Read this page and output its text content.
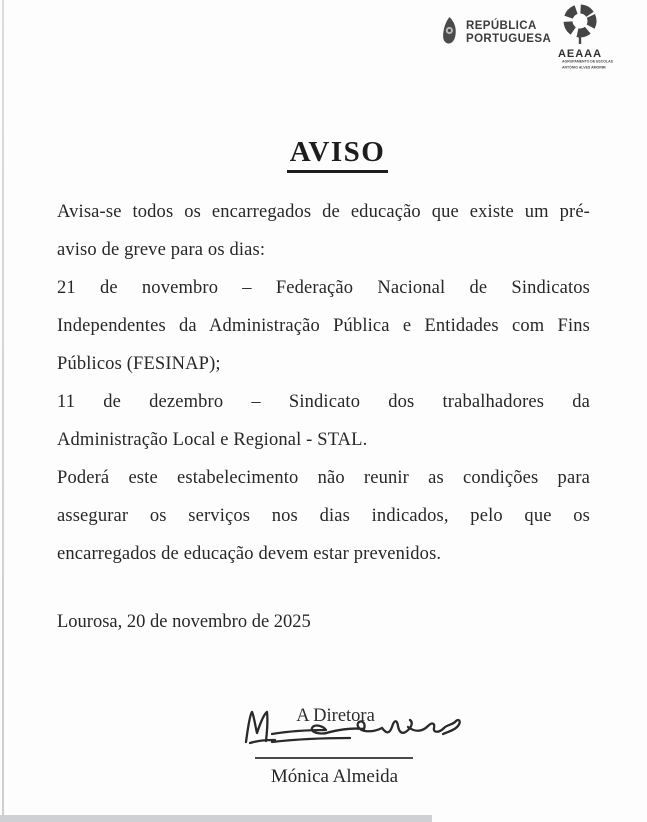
REPÚBLICA
PORTUGUESA
E
AEAAA
AGRUPAMENTO DE ESCOLAS
ANTÓNIO ALVES AMORIM
AVISO
Avisa-se todos os encarregados de educação que existe um pré-
aviso de greve para os dias:
21 de novembro – Federação Nacional de Sindicatos
Independentes da Administração Pública e Entidades com Fins
Públicos (FESINAP);
11 de dezembro – Sindicato dos trabalhadores da
Administração Local e Regional - STAL.
Poderá este estabelecimento não reunir as condições para
assegurar os serviços nos dias indicados, pelo que os
encarregados de educação devem estar prevenidos.
Lourosa, 20 de novembro de 2025
A Diretora
Mónica Almeida
